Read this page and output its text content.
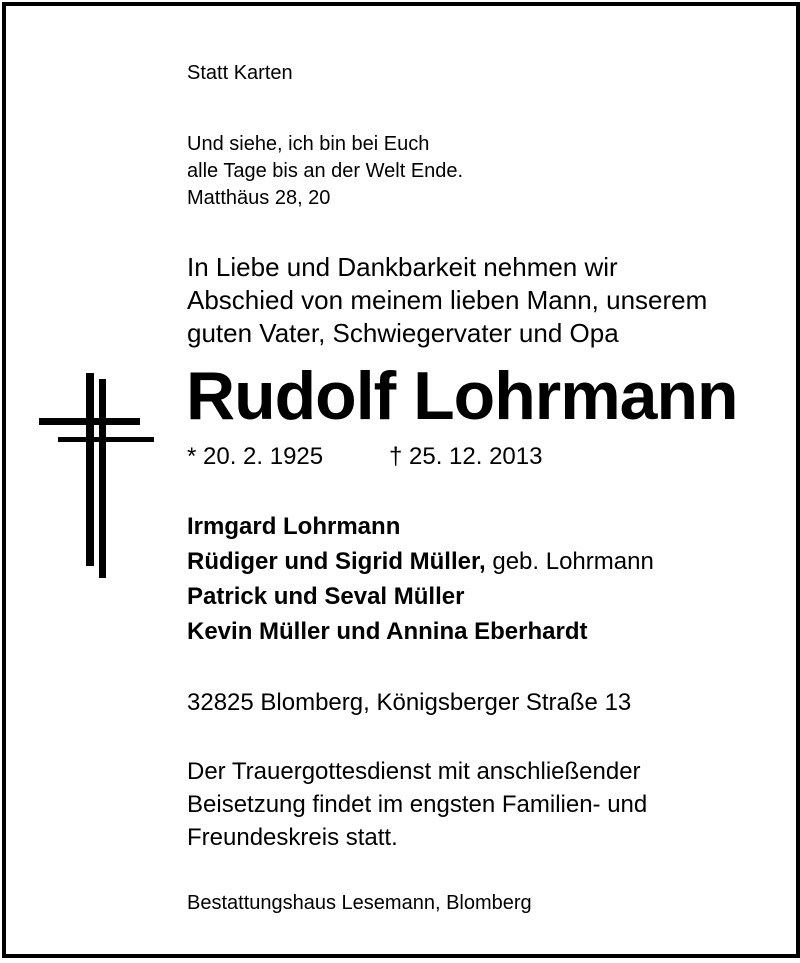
Statt Karten
Und siehe, ich bin bei Euch
alle Tage bis an der Welt Ende.
Matthäus 28, 20
In Liebe und Dankbarkeit nehmen wir
Abschied von meinem lieben Mann, unserem
guten Vater, Schwiegervater und Opa
Rudolf Lohrmann
* 20. 2. 1925	† 25. 12. 2013
Irmgard Lohrmann
Rüdiger und Sigrid Müller, geb. Lohrmann
Patrick und Seval Müller
Kevin Müller und Annina Eberhardt
32825 Blomberg, Königsberger Straße 13
Der Trauergottesdienst mit anschließender
Beisetzung findet im engsten Familien- und
Freundeskreis statt.
Bestattungshaus Lesemann, Blomberg
